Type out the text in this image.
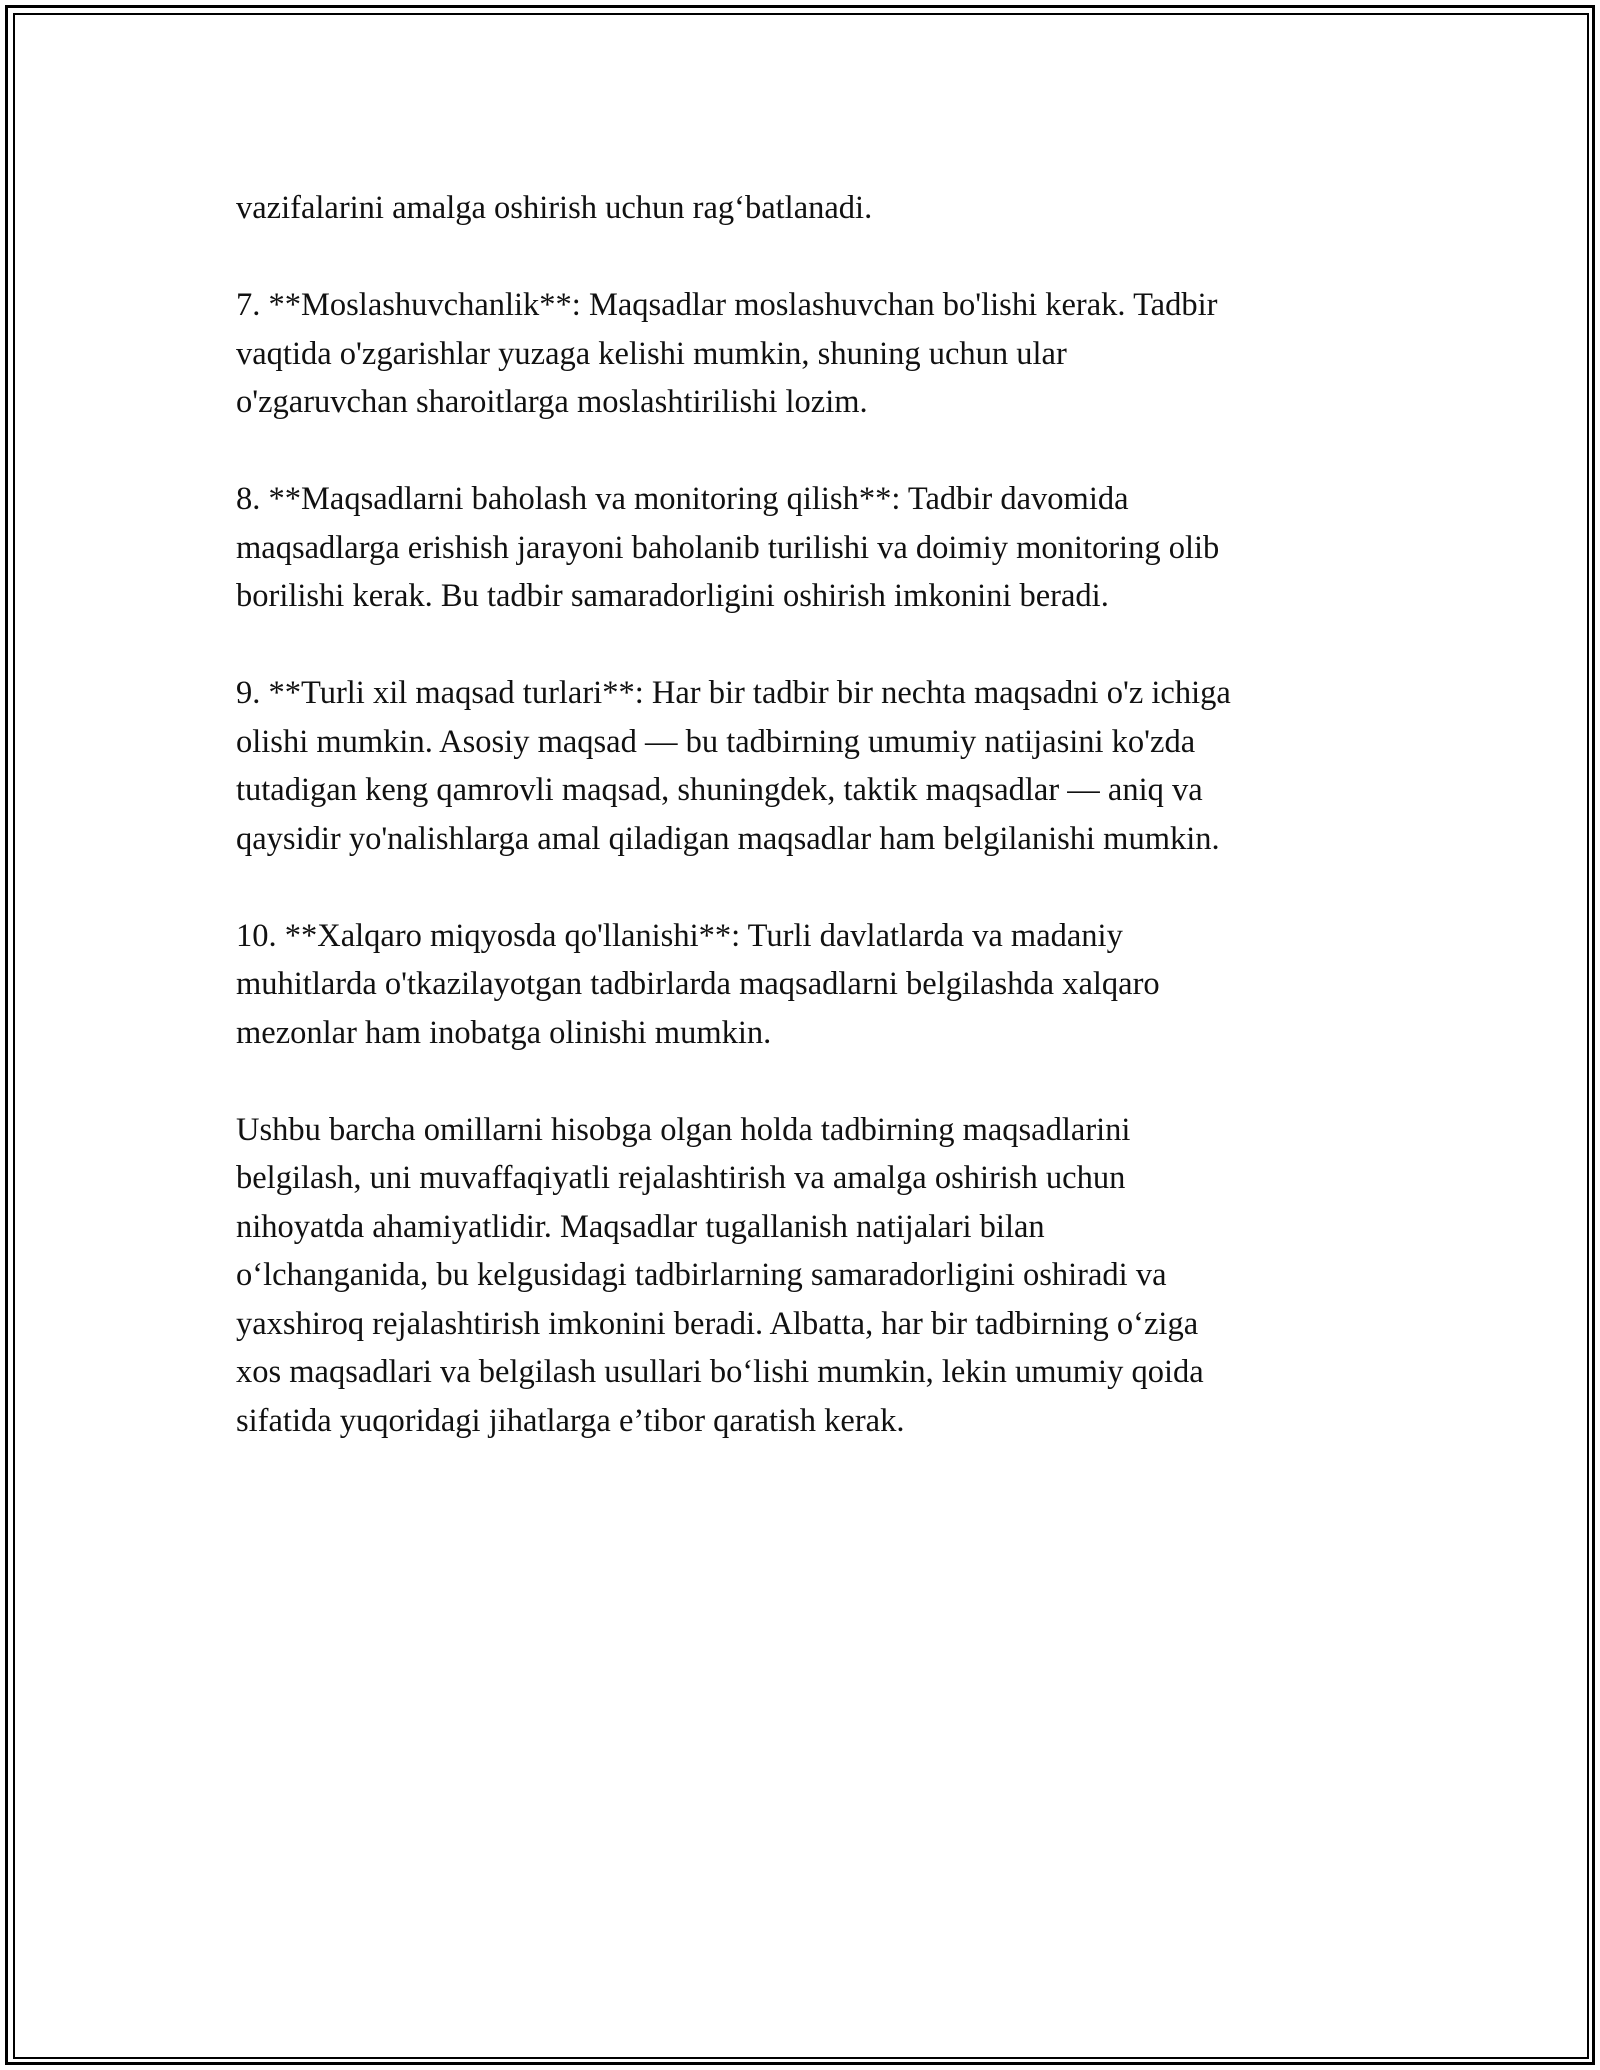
vazifalarini amalga oshirish uchun rag‘batlanadi.

7. **Moslashuvchanlik**: Maqsadlar moslashuvchan bo'lishi kerak. Tadbir
vaqtida o'zgarishlar yuzaga kelishi mumkin, shuning uchun ular
o'zgaruvchan sharoitlarga moslashtirilishi lozim.

8. **Maqsadlarni baholash va monitoring qilish**: Tadbir davomida
maqsadlarga erishish jarayoni baholanib turilishi va doimiy monitoring olib
borilishi kerak. Bu tadbir samaradorligini oshirish imkonini beradi.

9. **Turli xil maqsad turlari**: Har bir tadbir bir nechta maqsadni o'z ichiga
olishi mumkin. Asosiy maqsad — bu tadbirning umumiy natijasini ko'zda
tutadigan keng qamrovli maqsad, shuningdek, taktik maqsadlar — aniq va
qaysidir yo'nalishlarga amal qiladigan maqsadlar ham belgilanishi mumkin.

10. **Xalqaro miqyosda qo'llanishi**: Turli davlatlarda va madaniy
muhitlarda o'tkazilayotgan tadbirlarda maqsadlarni belgilashda xalqaro
mezonlar ham inobatga olinishi mumkin.

Ushbu barcha omillarni hisobga olgan holda tadbirning maqsadlarini
belgilash, uni muvaffaqiyatli rejalashtirish va amalga oshirish uchun
nihoyatda ahamiyatlidir. Maqsadlar tugallanish natijalari bilan
o‘lchanganida, bu kelgusidagi tadbirlarning samaradorligini oshiradi va
yaxshiroq rejalashtirish imkonini beradi. Albatta, har bir tadbirning o‘ziga
xos maqsadlari va belgilash usullari bo‘lishi mumkin, lekin umumiy qoida
sifatida yuqoridagi jihatlarga e’tibor qaratish kerak.
